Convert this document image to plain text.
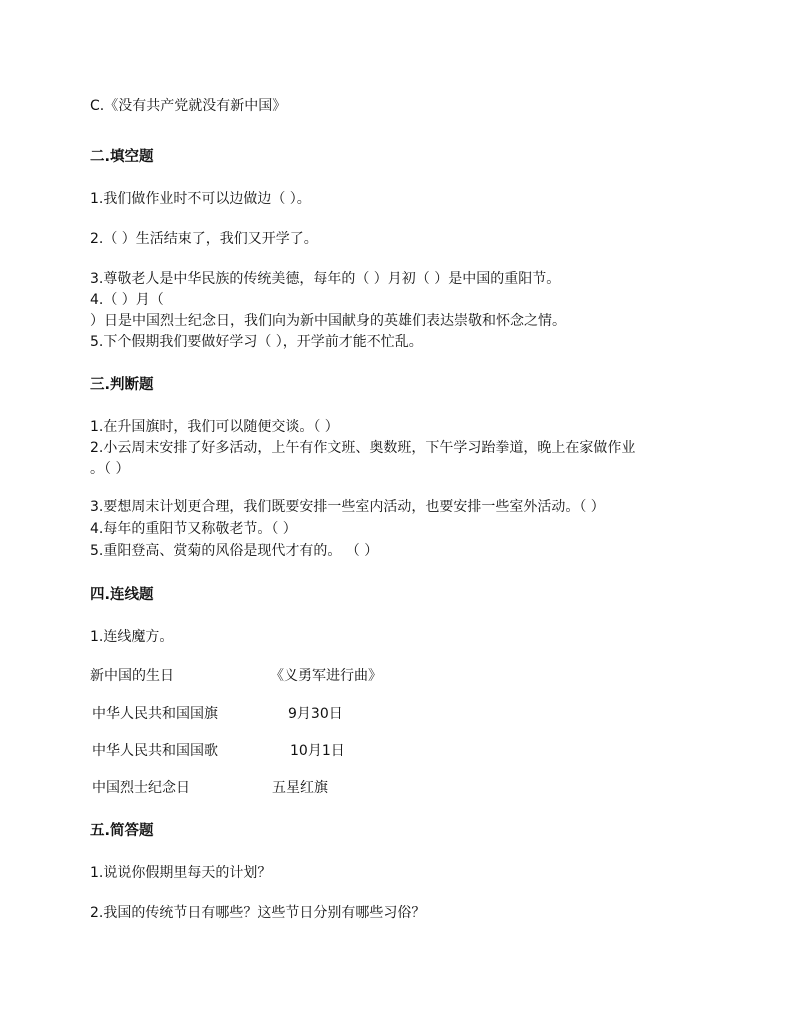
C.《没有共产党就没有新中国》
二.填空题
1.我们做作业时不可以边做边（ ）。
2.（ ）生活结束了，我们又开学了。
3.尊敬老人是中华民族的传统美德，每年的（ ）月初（ ）是中国的重阳节。
4.（ ）月（
）日是中国烈士纪念日，我们向为新中国献身的英雄们表达崇敬和怀念之情。
5.下个假期我们要做好学习（ ），开学前才能不忙乱。
三.判断题
1.在升国旗时，我们可以随便交谈。（ ）
2.小云周末安排了好多活动，上午有作文班、奥数班，下午学习跆拳道，晚上在家做作业
。（ ）
3.要想周末计划更合理，我们既要安排一些室内活动，也要安排一些室外活动。（ ）
4.每年的重阳节又称敬老节。（ ）
5.重阳登高、赏菊的风俗是现代才有的。 （ ）
四.连线题
1.连线魔方。
新中国的生日	《义勇军进行曲》
中华人民共和国国旗	9月30日
中华人民共和国国歌	10月1日
中国烈士纪念日	五星红旗
五.简答题
1.说说你假期里每天的计划？
2.我国的传统节日有哪些？这些节日分别有哪些习俗？
